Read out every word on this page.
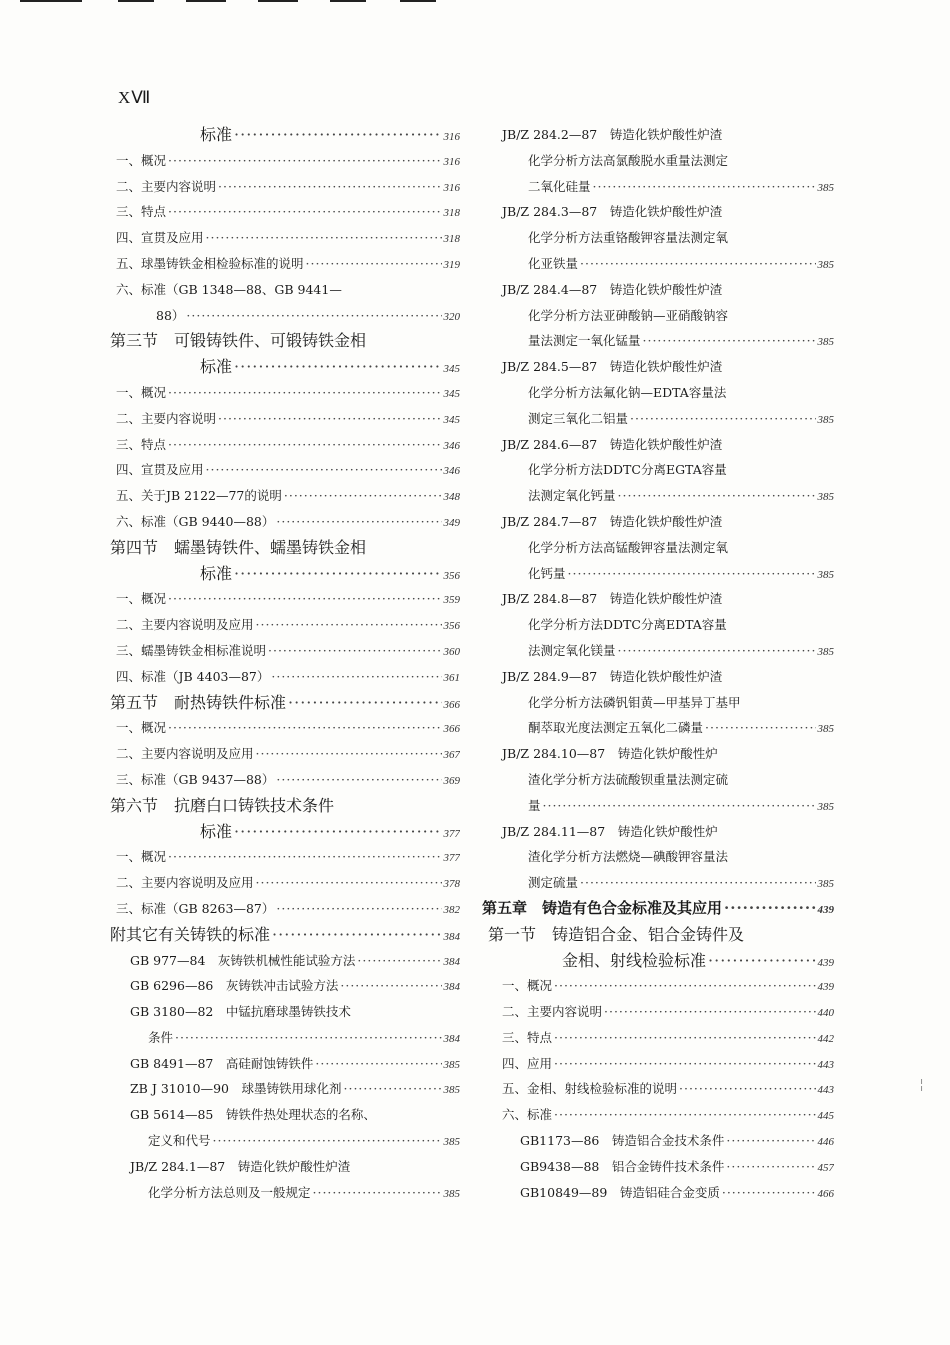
XⅦ
标准 ·····	316
一、概况 ·····	316
二、主要内容说明 ·····	316
三、特点 ·····	318
四、宣贯及应用 ·····	318
五、球墨铸铁金相检验标准的说明 ·····	319
六、标准（GB 1348—88、GB 9441—
88） ·····	320
第三节　可锻铸铁件、可锻铸铁金相
标准 ·····	345
一、概况 ·····	345
二、主要内容说明 ·····	345
三、特点 ·····	346
四、宣贯及应用 ·····	346
五、关于JB 2122—77的说明 ·····	348
六、标准（GB 9440—88） ·····	349
第四节　蠕墨铸铁件、蠕墨铸铁金相
标准 ·····	356
一、概况 ·····	359
二、主要内容说明及应用 ·····	356
三、蠕墨铸铁金相标准说明 ·····	360
四、标准（JB 4403—87） ·····	361
第五节　耐热铸铁件标准 ·····	366
一、概况 ·····	366
二、主要内容说明及应用 ·····	367
三、标准（GB 9437—88） ·····	369
第六节　抗磨白口铸铁技术条件
标准 ·····	377
一、概况 ·····	377
二、主要内容说明及应用 ·····	378
三、标准（GB 8263—87） ·····	382
附其它有关铸铁的标准 ·····	384
GB 977—84　灰铸铁机械性能试验方法 ·····	384
GB 6296—86　灰铸铁冲击试验方法 ·····	384
GB 3180—82　中锰抗磨球墨铸铁技术
条件 ·····	384
GB 8491—87　高硅耐蚀铸铁件 ·····	385
ZB J 31010—90　球墨铸铁用球化剂 ·····	385
GB 5614—85　铸铁件热处理状态的名称、
定义和代号 ·····	385
JB/Z 284.1—87　铸造化铁炉酸性炉渣
化学分析方法总则及一般规定 ·····	385
JB/Z 284.2—87　铸造化铁炉酸性炉渣
化学分析方法高氯酸脱水重量法测定
二氧化硅量 ·····	385
JB/Z 284.3—87　铸造化铁炉酸性炉渣
化学分析方法重铬酸钾容量法测定氧
化亚铁量 ·····	385
JB/Z 284.4—87　铸造化铁炉酸性炉渣
化学分析方法亚砷酸钠—亚硝酸钠容
量法测定一氧化锰量 ·····	385
JB/Z 284.5—87　铸造化铁炉酸性炉渣
化学分析方法氟化钠—EDTA容量法
测定三氧化二铝量 ·····	385
JB/Z 284.6—87　铸造化铁炉酸性炉渣
化学分析方法DDTC分离EGTA容量
法测定氧化钙量 ·····	385
JB/Z 284.7—87　铸造化铁炉酸性炉渣
化学分析方法高锰酸钾容量法测定氧
化钙量 ·····	385
JB/Z 284.8—87　铸造化铁炉酸性炉渣
化学分析方法DDTC分离EDTA容量
法测定氧化镁量 ·····	385
JB/Z 284.9—87　铸造化铁炉酸性炉渣
化学分析方法磷钒钼黄—甲基异丁基甲
酮萃取光度法测定五氧化二磷量 ·····	385
JB/Z 284.10—87　铸造化铁炉酸性炉
渣化学分析方法硫酸钡重量法测定硫
量 ·····	385
JB/Z 284.11—87　铸造化铁炉酸性炉
渣化学分析方法燃烧—碘酸钾容量法
测定硫量 ·····	385
第五章　铸造有色合金标准及其应用 ·····	439
第一节　铸造铝合金、铝合金铸件及
金相、射线检验标准 ·····	439
一、概况 ·····	439
二、主要内容说明 ·····	440
三、特点 ·····	442
四、应用 ·····	443
五、金相、射线检验标准的说明 ·····	443
六、标准 ·····	445
GB1173—86　铸造铝合金技术条件 ·····	446
GB9438—88　铝合金铸件技术条件 ·····	457
GB10849—89　铸造铝硅合金变质 ·····	466
╎
